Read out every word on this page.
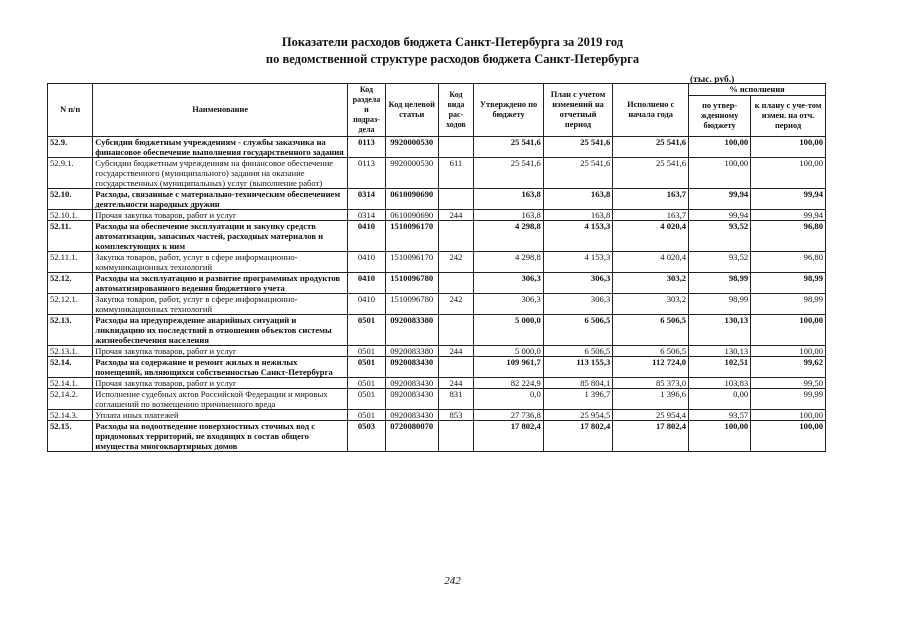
Показатели расходов бюджета Санкт-Петербурга за 2019 год
по ведомственной структуре расходов бюджета Санкт-Петербурга
(тыс. руб.)
N п/п	Наименование	Код раздела и подраз-дела	Код целевой статьи	Код вида рас-ходов	Утверждено по бюджету	План с учетом изменений на отчетный период	Исполнено с начала года	% исполнения	
								по утвер-жденному бюджету	к плану с уче-том измен. на отч. период
52.9.	Субсидии бюджетным учреждениям - службы заказчика на финансовое обеспечение выполнения государственного задания	0113	9920000530		25 541,6	25 541,6	25 541,6	100,00	100,00
52.9.1.	Субсидии бюджетным учреждениям на финансовое обеспечение государственного (муниципального) задания на оказание государственных (муниципальных) услуг (выполнение работ)	0113	9920000530	611	25 541,6	25 541,6	25 541,6	100,00	100,00
52.10.	Расходы, связанные с материально-техническим обеспечением деятельности народных дружин	0314	0610090690		163,8	163,8	163,7	99,94	99,94
52.10.1.	Прочая закупка товаров, работ и услуг	0314	0610090690	244	163,8	163,8	163,7	99,94	99,94
52.11.	Расходы на обеспечение эксплуатации и закупку средств автоматизации, запасных частей, расходных материалов и комплектующих к ним	0410	1510096170		4 298,8	4 153,3	4 020,4	93,52	96,80
52.11.1.	Закупка товаров, работ, услуг в сфере информационно-коммуникационных технологий	0410	1510096170	242	4 298,8	4 153,3	4 020,4	93,52	96,80
52.12.	Расходы на эксплуатацию и развитие программных продуктов автоматизированного ведения бюджетного учета	0410	1510096780		306,3	306,3	303,2	98,99	98,99
52.12.1.	Закупка товаров, работ, услуг в сфере информационно-коммуникационных технологий	0410	1510096780	242	306,3	306,3	303,2	98,99	98,99
52.13.	Расходы на предупреждение аварийных ситуаций и ликвидацию их последствий в отношении объектов системы жизнеобеспечения населения	0501	0920083380		5 000,0	6 506,5	6 506,5	130,13	100,00
52.13.1.	Прочая закупка товаров, работ и услуг	0501	0920083380	244	5 000,0	6 506,5	6 506,5	130,13	100,00
52.14.	Расходы на содержание и ремонт жилых и нежилых помещений, являющихся собственностью Санкт-Петербурга	0501	0920083430		109 961,7	113 155,3	112 724,0	102,51	99,62
52.14.1.	Прочая закупка товаров, работ и услуг	0501	0920083430	244	82 224,9	85 804,1	85 373,0	103,83	99,50
52.14.2.	Исполнение судебных актов Российской Федерации и мировых соглашений по возмещению причиненного вреда	0501	0920083430	831	0,0	1 396,7	1 396,6	0,00	99,99
52.14.3.	Уплата иных платежей	0501	0920083430	853	27 736,8	25 954,5	25 954,4	93,57	100,00
52.15.	Расходы на водоотведение поверхностных сточных вод с придомовых территорий, не входящих в состав общего имущества многоквартирных домов	0503	0720080070		17 802,4	17 802,4	17 802,4	100,00	100,00
242
